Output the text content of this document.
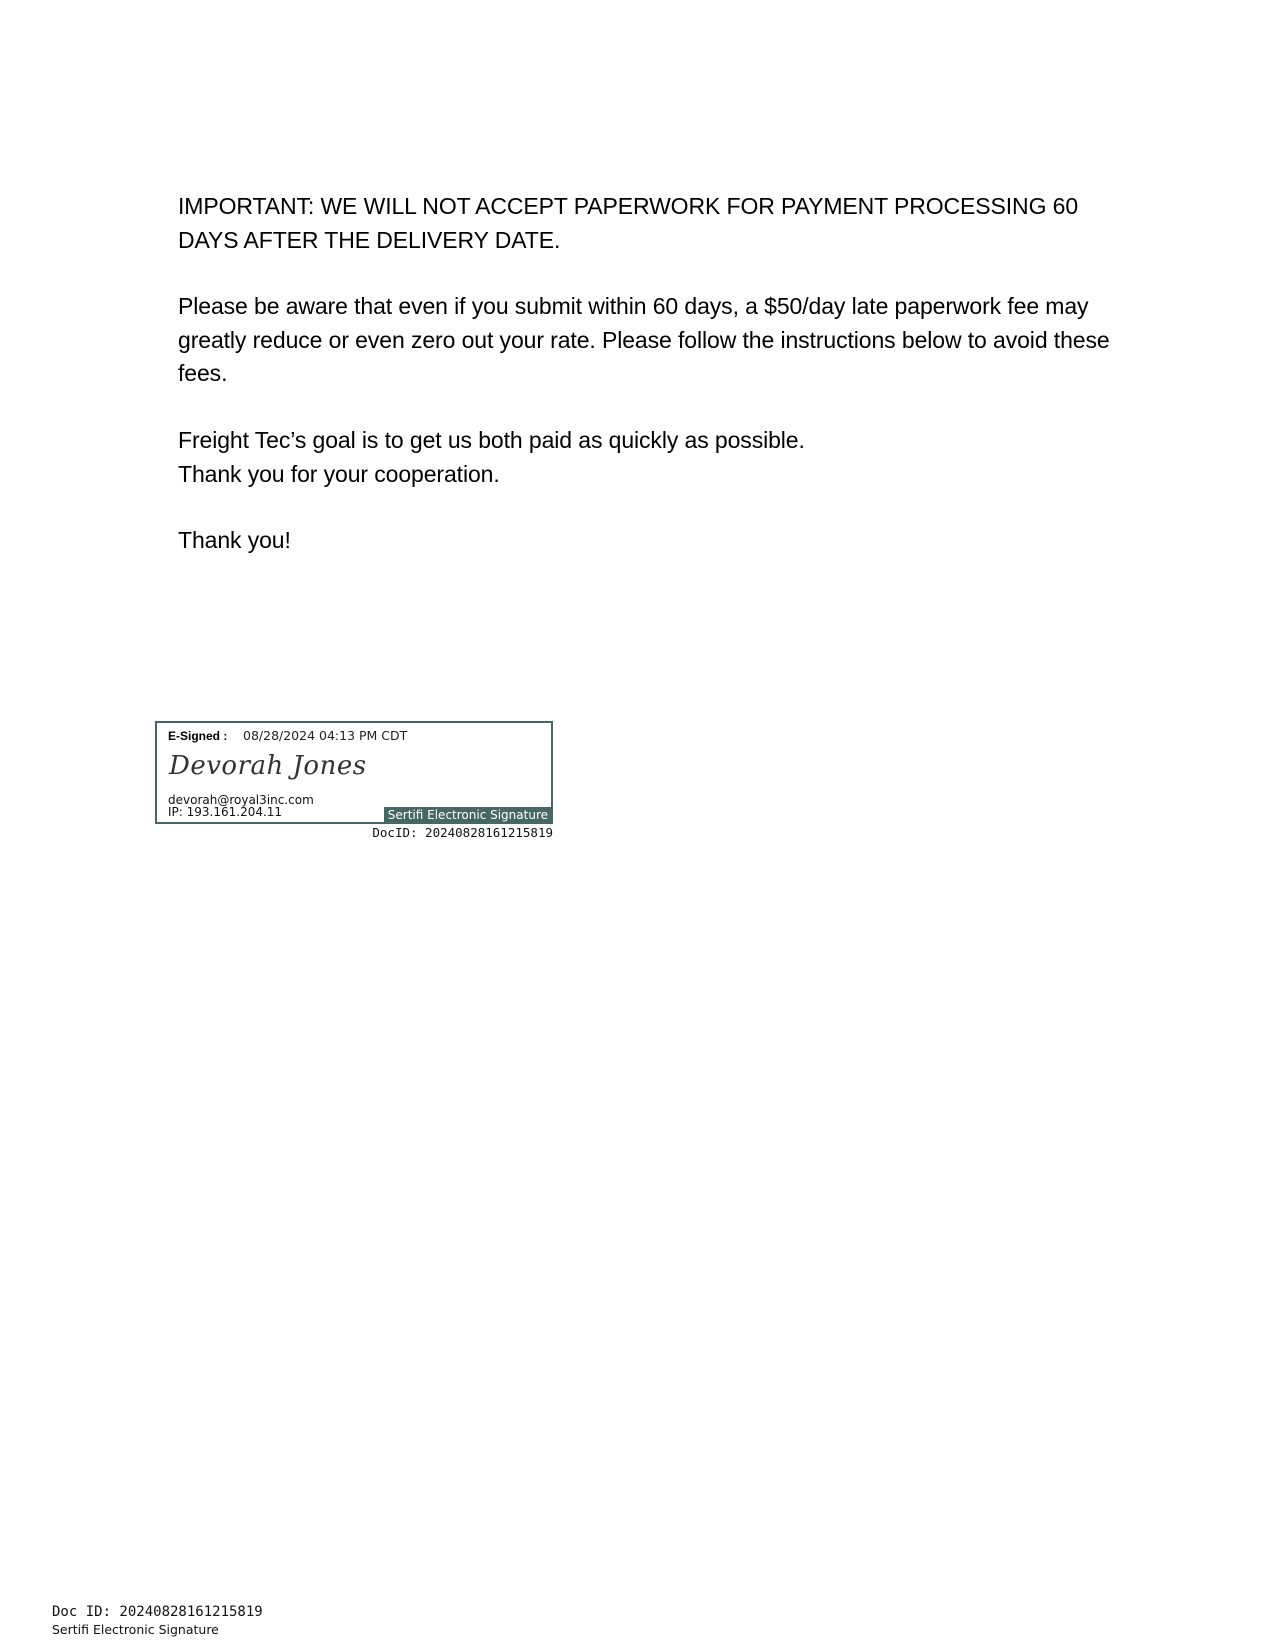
IMPORTANT: WE WILL NOT ACCEPT PAPERWORK FOR PAYMENT PROCESSING 60 DAYS AFTER THE DELIVERY DATE.

Please be aware that even if you submit within 60 days, a $50/day late paperwork fee may greatly reduce or even zero out your rate. Please follow the instructions below to avoid these fees.

Freight Tec’s goal is to get us both paid as quickly as possible.
Thank you for your cooperation.

Thank you!

E-Signed : 08/28/2024 04:13 PM CDT
Devorah Jones
devorah@royal3inc.com
IP: 193.161.204.11	Sertifi Electronic Signature
DocID: 20240828161215819
Doc ID: 20240828161215819
Sertifi Electronic Signature
